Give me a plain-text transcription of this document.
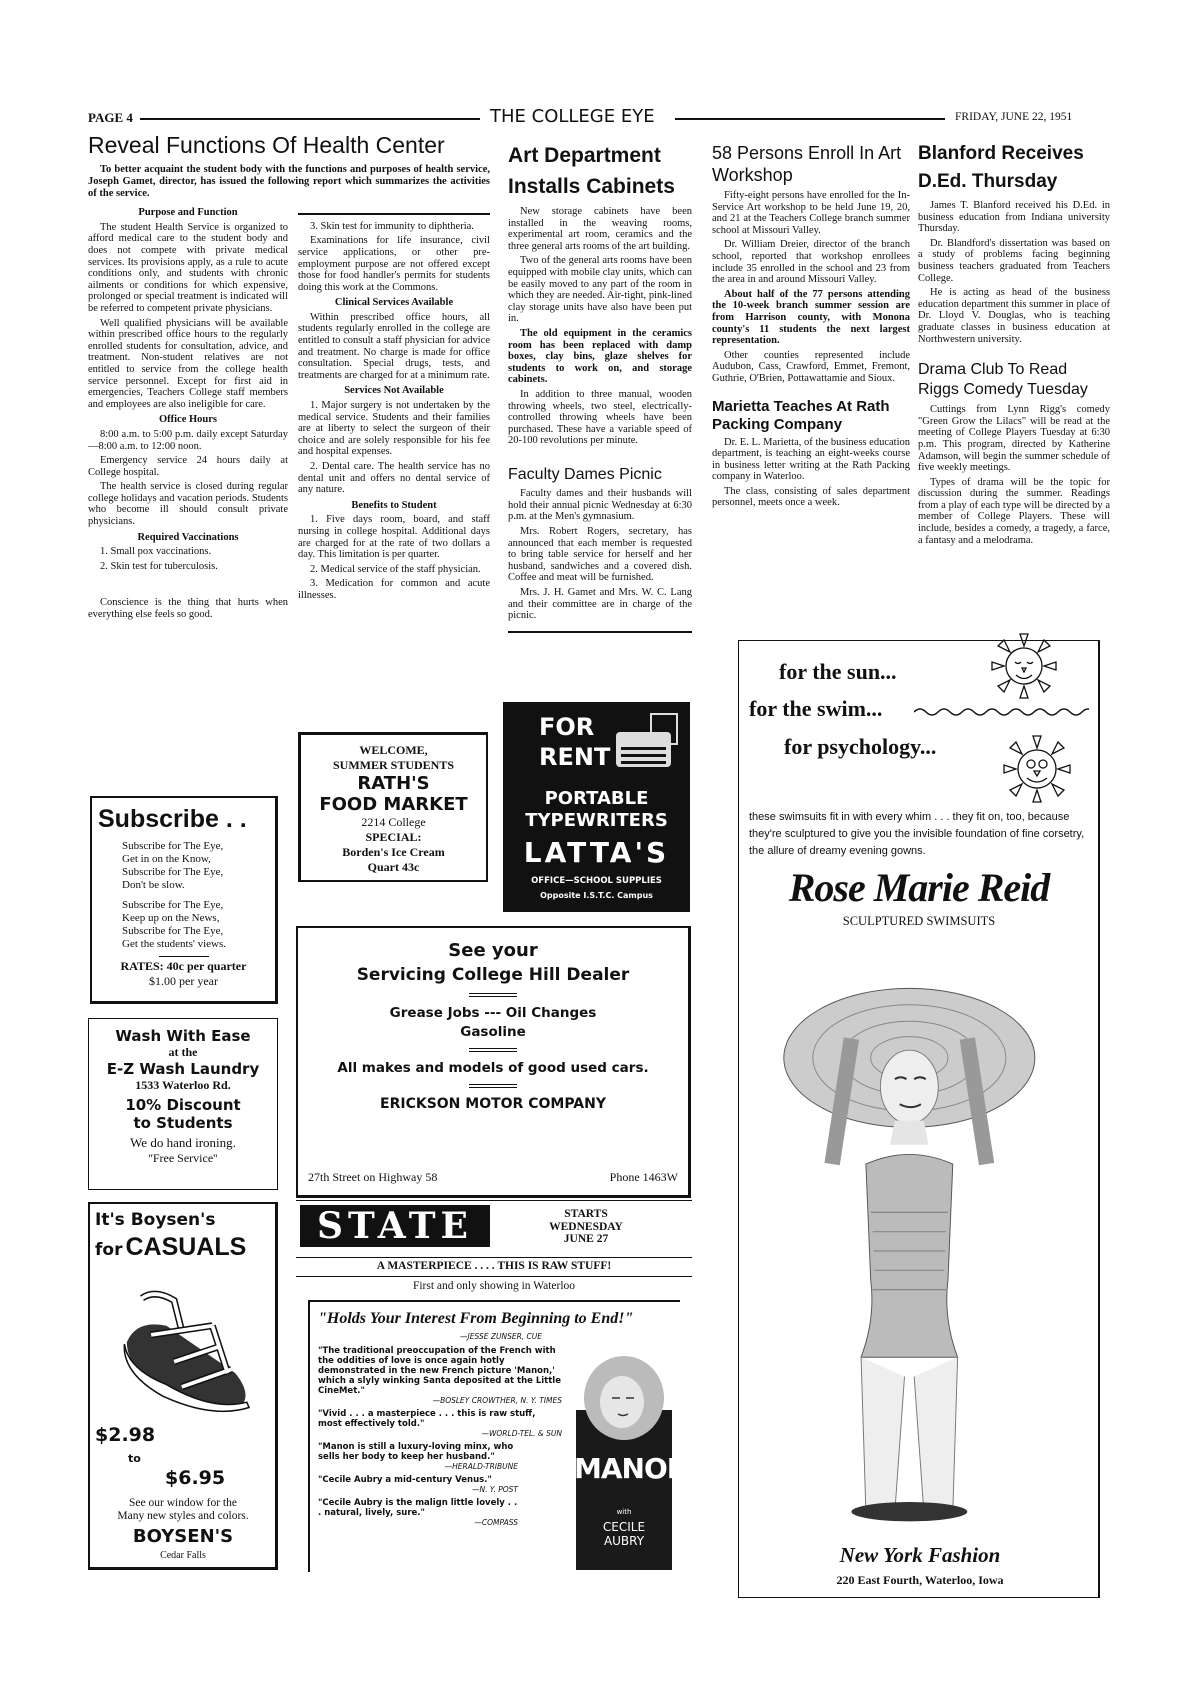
PAGE 4	THE COLLEGE EYE	FRIDAY, JUNE 22, 1951
Reveal Functions Of Health Center

To better acquaint the student body with the functions and purposes of health service, Joseph Gamet, director, has issued the following report which summarizes the activities of the service.

Purpose and Function

The student Health Service is organized to afford medical care to the student body and does not compete with private medical services. Its provisions apply, as a rule to acute conditions only, and students with chronic ailments or conditions for which expensive, prolonged or special treatment is indicated will be referred to competent private physicians.

Well qualified physicians will be available within prescribed office hours to the regularly enrolled students for consultation, advice, and treatment. Non-student relatives are not entitled to service from the college health service personnel. Except for first aid in emergencies, Teachers College staff members and employees are also ineligible for care.

Office Hours

8:00 a.m. to 5:00 p.m. daily except Saturday—8:00 a.m. to 12:00 noon.

Emergency service 24 hours daily at College hospital.

The health service is closed during regular college holidays and vacation periods. Students who become ill should consult private physicians.

Required Vaccinations

1. Small pox vaccinations.

2. Skin test for tuberculosis.

Conscience is the thing that hurts when everything else feels so good.

3. Skin test for immunity to diphtheria.

Examinations for life insurance, civil service applications, or other pre-employment purpose are not offered except those for food handler's permits for students doing this work at the Commons.

Clinical Services Available

Within prescribed office hours, all students regularly enrolled in the college are entitled to consult a staff physician for advice and treatment. No charge is made for office consultation. Special drugs, tests, and treatments are charged for at a minimum rate.

Services Not Available

1. Major surgery is not undertaken by the medical service. Students and their families are at liberty to select the surgeon of their choice and are solely responsible for his fee and hospital expenses.

2. Dental care. The health service has no dental unit and offers no dental service of any nature.

Benefits to Student

1. Five days room, board, and staff nursing in college hospital. Additional days are charged for at the rate of two dollars a day. This limitation is per quarter.

2. Medical service of the staff physician.

3. Medication for common and acute illnesses.

Art Department Installs Cabinets

New storage cabinets have been installed in the weaving rooms, experimental art room, ceramics and the three general arts rooms of the art building.

Two of the general arts rooms have been equipped with mobile clay units, which can be easily moved to any part of the room in which they are needed. Air-tight, pink-lined clay storage units have also have been put in.

The old equipment in the ceramics room has been replaced with damp boxes, clay bins, glaze shelves for students to work on, and storage cabinets.

In addition to three manual, wooden throwing wheels, two steel, electrically-controlled throwing wheels have been purchased. These have a variable speed of 20-100 revolutions per minute.

Faculty Dames Picnic

Faculty dames and their husbands will hold their annual picnic Wednesday at 6:30 p.m. at the Men's gymnasium.

Mrs. Robert Rogers, secretary, has announced that each member is requested to bring table service for herself and her husband, sandwiches and a covered dish. Coffee and meat will be furnished.

Mrs. J. H. Gamet and Mrs. W. C. Lang and their committee are in charge of the picnic.

58 Persons Enroll In Art Workshop

Fifty-eight persons have enrolled for the In-Service Art workshop to be held June 19, 20, and 21 at the Teachers College branch summer school at Missouri Valley.

Dr. William Dreier, director of the branch school, reported that workshop enrollees include 35 enrolled in the school and 23 from the area in and around Missouri Valley.

About half of the 77 persons attending the 10-week branch summer session are from Harrison county, with Monona county's 11 students the next largest representation.

Other counties represented include Audubon, Cass, Crawford, Emmet, Fremont, Guthrie, O'Brien, Pottawattamie and Sioux.

Marietta Teaches At Rath Packing Company

Dr. E. L. Marietta, of the business education department, is teaching an eight-weeks course in business letter writing at the Rath Packing company in Waterloo.

The class, consisting of sales department personnel, meets once a week.

Blanford Receives D.Ed. Thursday

James T. Blanford received his D.Ed. in business education from Indiana university Thursday.

Dr. Blandford's dissertation was based on a study of problems facing beginning business teachers graduated from Teachers College.

He is acting as head of the business education department this summer in place of Dr. Lloyd V. Douglas, who is teaching graduate classes in business education at Northwestern university.

Drama Club To Read Riggs Comedy Tuesday

Cuttings from Lynn Rigg's comedy "Green Grow the Lilacs" will be read at the meeting of College Players Tuesday at 6:30 p.m. This program, directed by Katherine Adamson, will begin the summer schedule of five weekly meetings.

Types of drama will be the topic for discussion during the summer. Readings from a play of each type will be directed by a member of College Players. These will include, besides a comedy, a tragedy, a farce, a fantasy and a melodrama.

Subscribe . .
Subscribe for The Eye,
Get in on the Know,
Subscribe for The Eye,
Don't be slow.
Subscribe for The Eye,
Keep up on the News,
Subscribe for The Eye,
Get the students' views.
RATES: 40c per quarter
$1.00 per year
Wash With Ease
at the
E-Z Wash Laundry
1533 Waterloo Rd.
10% Discount
to Students
We do hand ironing.
''Free Service''
It's Boysen's
for CASUALS
$2.98
to
$6.95
See our window for the
Many new styles and colors.
BOYSEN'S
Cedar Falls
WELCOME,
SUMMER STUDENTS
RATH'S
FOOD MARKET
2214 College
SPECIAL:
Borden's Ice Cream
Quart 43c
FOR
RENT
PORTABLE
TYPEWRITERS
LATTA'S
OFFICE—SCHOOL SUPPLIES
Opposite I.S.T.C. Campus
See your
Servicing College Hill Dealer
Grease Jobs --- Oil Changes
Gasoline
All makes and models of good used cars.
ERICKSON MOTOR COMPANY
27th Street on Highway 58	Phone 1463W
STATE	STARTS
WEDNESDAY
JUNE 27
A MASTERPIECE . . . . THIS IS RAW STUFF!
First and only showing in Waterloo
"Holds Your Interest From Beginning to End!"
—JESSE ZUNSER, CUE
"The traditional preoccupation of the French with the oddities of love is once again hotly demonstrated in the new French picture 'Manon,' which a slyly winking Santa deposited at the Little CineMet."
—BOSLEY CROWTHER, N. Y. TIMES
"Vivid . . . a masterpiece . . . this is raw stuff, most effectively told."
—WORLD-TEL. & SUN
"Manon is still a luxury-loving minx, who sells her body to keep her husband."
—HERALD-TRIBUNE
"Cecile Aubry a mid-century Venus."
—N. Y. POST
"Cecile Aubry is the malign little lovely . . . natural, lively, sure."
—COMPASS
MANON
with
CECILE
AUBRY
for the sun...
for the swim...
for psychology...
these swimsuits fit in with every whim . . . they fit on, too, because they're sculptured to give you the invisible foundation of fine corsetry, the allure of dreamy evening gowns.
Rose Marie Reid
SCULPTURED SWIMSUITS
New York Fashion
220 East Fourth, Waterloo, Iowa
